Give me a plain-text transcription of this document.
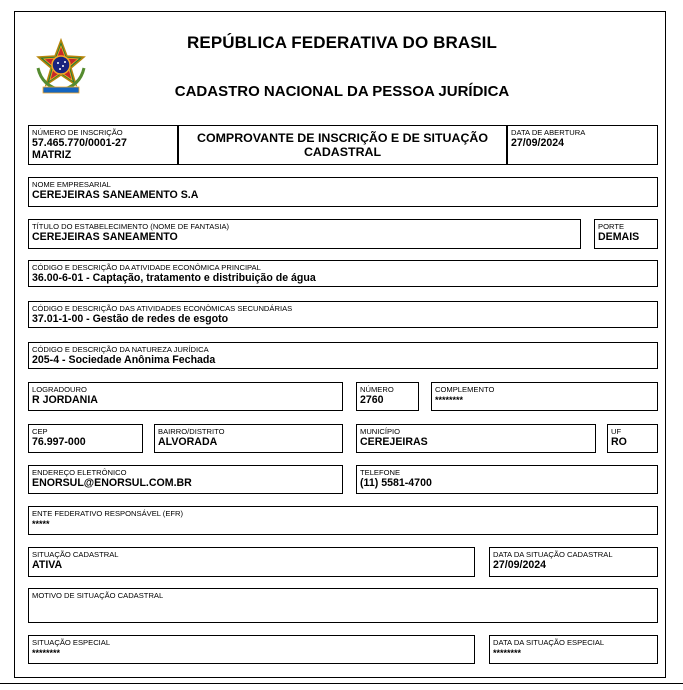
REPÚBLICA FEDERATIVA DO BRASIL
CADASTRO NACIONAL DA PESSOA JURÍDICA
NÚMERO DE INSCRIÇÃO
57.465.770/0001-27
MATRIZ
COMPROVANTE DE INSCRIÇÃO E DE SITUAÇÃO
CADASTRAL
DATA DE ABERTURA
27/09/2024
NOME EMPRESARIAL
CEREJEIRAS SANEAMENTO S.A
TÍTULO DO ESTABELECIMENTO (NOME DE FANTASIA)
CEREJEIRAS SANEAMENTO
PORTE
DEMAIS
CÓDIGO E DESCRIÇÃO DA ATIVIDADE ECONÔMICA PRINCIPAL
36.00-6-01 - Captação, tratamento e distribuição de água
CÓDIGO E DESCRIÇÃO DAS ATIVIDADES ECONÔMICAS SECUNDÁRIAS
37.01-1-00 - Gestão de redes de esgoto
CÓDIGO E DESCRIÇÃO DA NATUREZA JURÍDICA
205-4 - Sociedade Anônima Fechada
LOGRADOURO
R JORDANIA
NÚMERO
2760
COMPLEMENTO
********
CEP
76.997-000
BAIRRO/DISTRITO
ALVORADA
MUNICÍPIO
CEREJEIRAS
UF
RO
ENDEREÇO ELETRÔNICO
ENORSUL@ENORSUL.COM.BR
TELEFONE
(11) 5581-4700
ENTE FEDERATIVO RESPONSÁVEL (EFR)
*****
SITUAÇÃO CADASTRAL
ATIVA
DATA DA SITUAÇÃO CADASTRAL
27/09/2024
MOTIVO DE SITUAÇÃO CADASTRAL
SITUAÇÃO ESPECIAL
********
DATA DA SITUAÇÃO ESPECIAL
********
